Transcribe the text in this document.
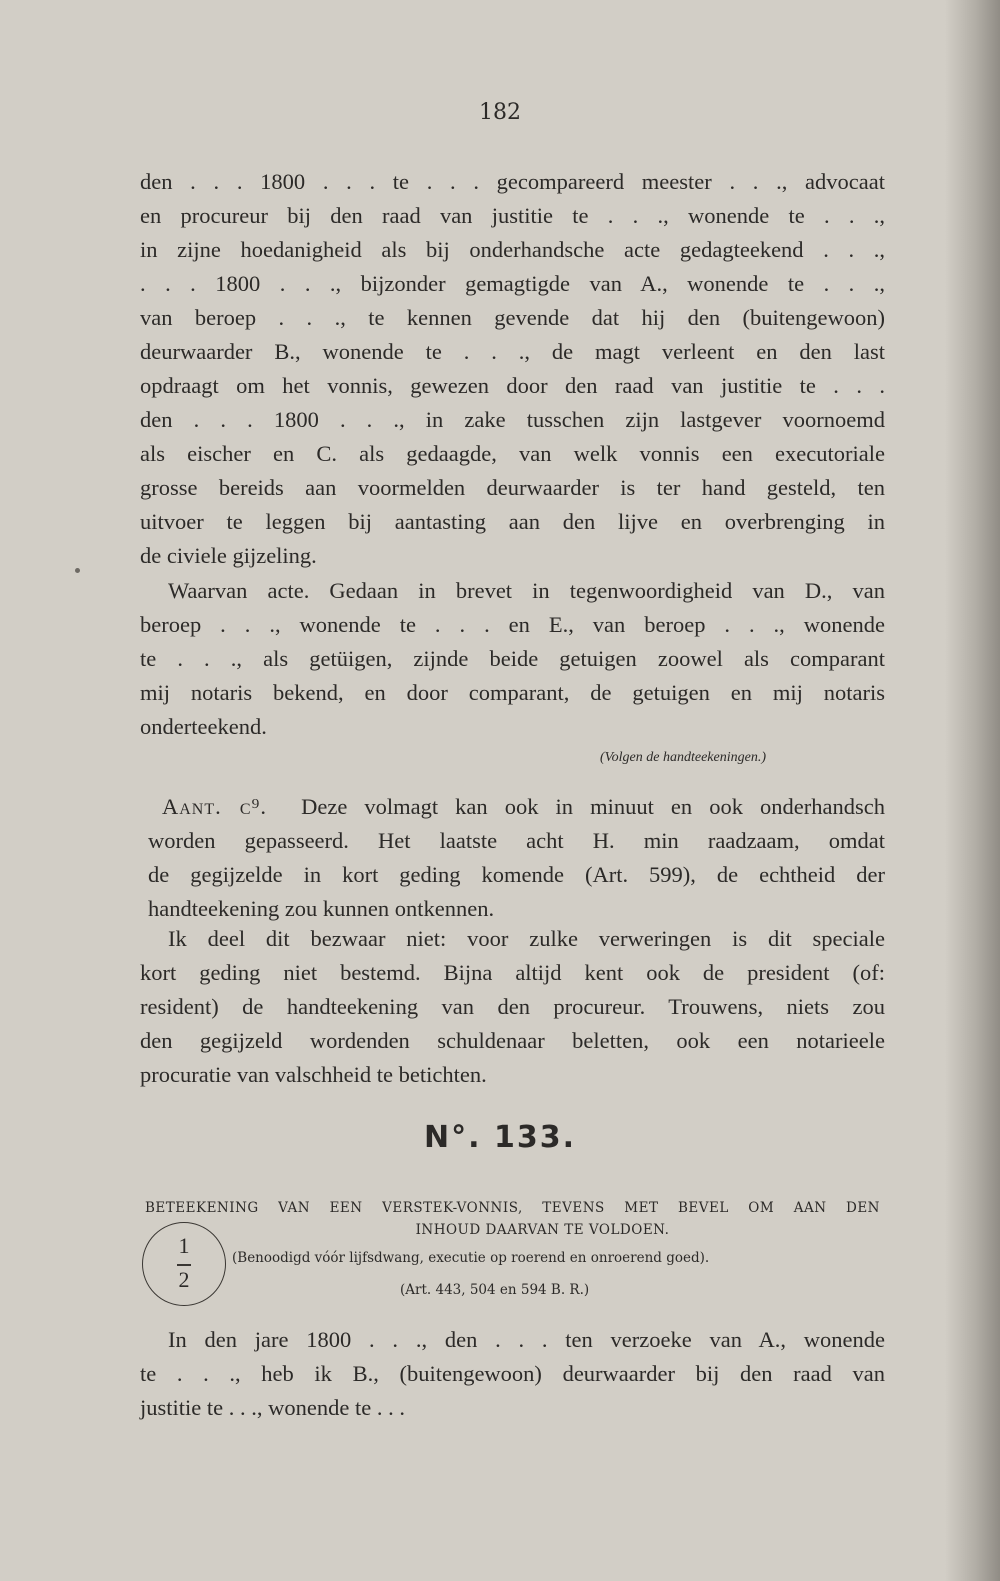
182
den . . . 1800 . . . te . . . gecompareerd meester . . ., advocaat
en procureur bij den raad van justitie te . . ., wonende te . . .,
in zijne hoedanigheid als bij onderhandsche acte gedagteekend . . .,
. . . 1800 . . ., bijzonder gemagtigde van A., wonende te . . .,
van beroep . . ., te kennen gevende dat hij den (buitengewoon)
deurwaarder B., wonende te . . ., de magt verleent en den last
opdraagt om het vonnis, gewezen door den raad van justitie te . . .
den . . . 1800 . . ., in zake tusschen zijn lastgever voornoemd
als eischer en C. als gedaagde, van welk vonnis een executoriale
grosse bereids aan voormelden deurwaarder is ter hand gesteld, ten
uitvoer te leggen bij aantasting aan den lijve en overbrenging in
de civiele gijzeling.
Waarvan acte. Gedaan in brevet in tegenwoordigheid van D., van
beroep . . ., wonende te . . . en E., van beroep . . ., wonende
te . . ., als getüigen, zijnde beide getuigen zoowel als comparant
mij notaris bekend, en door comparant, de getuigen en mij notaris
onderteekend.
(Volgen de handteekeningen.)
Aant. c⁹. Deze volmagt kan ook in minuut en ook onderhandsch
worden gepasseerd. Het laatste acht H. min raadzaam, omdat
de gegijzelde in kort geding komende (Art. 599), de echtheid der
handteekening zou kunnen ontkennen.
Ik deel dit bezwaar niet: voor zulke verweringen is dit speciale
kort geding niet bestemd. Bijna altijd kent ook de president (of:
resident) de handteekening van den procureur. Trouwens, niets zou
den gegijzeld wordenden schuldenaar beletten, ook een notarieele
procuratie van valschheid te betichten.
N°. 133.
BETEEKENING VAN EEN VERSTEK-VONNIS, TEVENS MET BEVEL OM AAN DEN
INHOUD DAARVAN TE VOLDOEN.
1
2
(Benoodigd vóór lijfsdwang, executie op roerend en onroerend goed).
(Art. 443, 504 en 594 B. R.)
In den jare 1800 . . ., den . . . ten verzoeke van A., wonende
te . . ., heb ik B., (buitengewoon) deurwaarder bij den raad van
justitie te . . ., wonende te . . .
